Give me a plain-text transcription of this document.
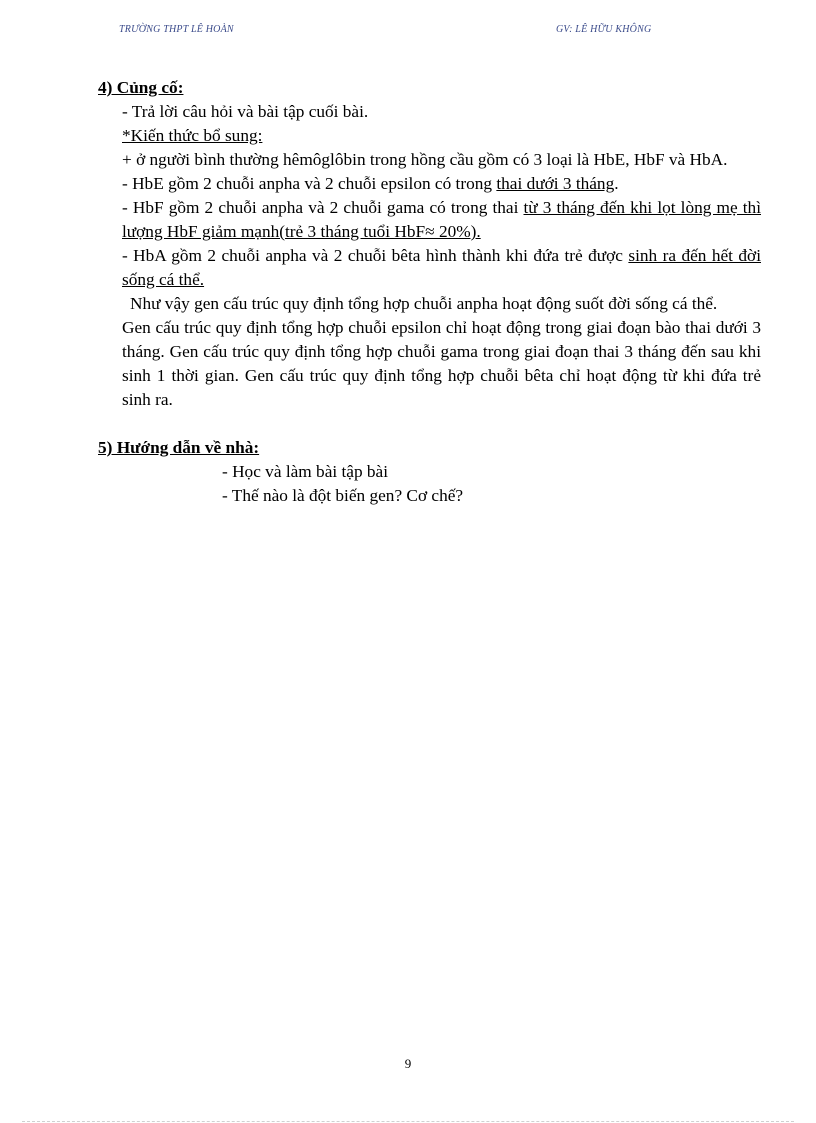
TRƯỜNG THPT LÊ HOÀN	GV: LÊ HỮU KHÔNG

4) Củng cố:

- Trả lời câu hỏi và bài tập cuối bài.

*Kiến thức bổ sung:

+ ở người bình thường hêmôglôbin trong hồng cầu gồm có 3 loại là HbE, HbF và HbA.

- HbE gồm 2 chuỗi anpha và 2 chuỗi epsilon có trong thai dưới 3 tháng.

- HbF gồm 2 chuỗi anpha và 2 chuỗi gama có trong thai từ 3 tháng đến khi lọt lòng mẹ thì lượng HbF giảm mạnh(trẻ 3 tháng tuổi HbF≈ 20%).

- HbA gồm 2 chuỗi anpha và 2 chuỗi bêta hình thành khi đứa trẻ được sinh ra đến hết đời sống cá thể.

Như vậy gen cấu trúc quy định tổng hợp chuỗi anpha hoạt động suốt đời sống cá thể.

Gen cấu trúc quy định tổng hợp chuỗi epsilon chỉ hoạt động trong giai đoạn bào thai dưới 3 tháng. Gen cấu trúc quy định tổng hợp chuỗi gama trong giai đoạn thai 3 tháng đến sau khi sinh 1 thời gian. Gen cấu trúc quy định tổng hợp chuỗi bêta chỉ hoạt động từ khi đứa trẻ sinh ra.

5) Hướng dẫn về nhà:

- Học và làm bài tập bài

- Thế nào là đột biến gen? Cơ chế?

9
